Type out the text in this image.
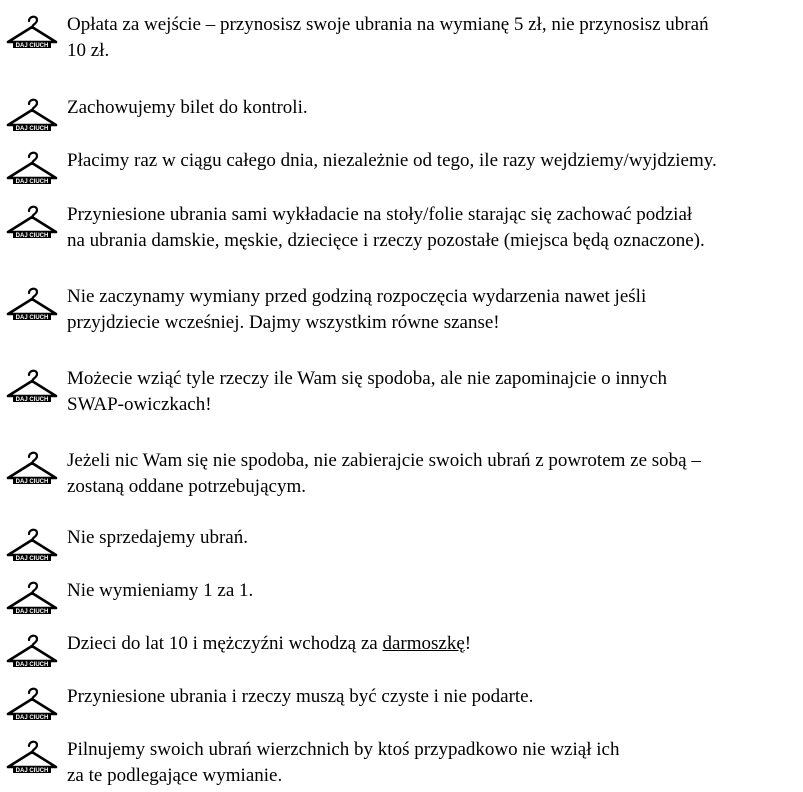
DAJ CIUCH
Opłata za wejście – przynosisz swoje ubrania na wymianę 5 zł, nie przynosisz ubrań
10 zł.
DAJ CIUCH
Zachowujemy bilet do kontroli.
DAJ CIUCH
Płacimy raz w ciągu całego dnia, niezależnie od tego, ile razy wejdziemy/wyjdziemy.
DAJ CIUCH
Przyniesione ubrania sami wykładacie na stoły/folie starając się zachować podział
na ubrania damskie, męskie, dziecięce i rzeczy pozostałe (miejsca będą oznaczone).
DAJ CIUCH
Nie zaczynamy wymiany przed godziną rozpoczęcia wydarzenia nawet jeśli
przyjdziecie wcześniej. Dajmy wszystkim równe szanse!
DAJ CIUCH
Możecie wziąć tyle rzeczy ile Wam się spodoba, ale nie zapominajcie o innych
SWAP-owiczkach!
DAJ CIUCH
Jeżeli nic Wam się nie spodoba, nie zabierajcie swoich ubrań z powrotem ze sobą –
zostaną oddane potrzebującym.
DAJ CIUCH
Nie sprzedajemy ubrań.
DAJ CIUCH
Nie wymieniamy 1 za 1.
DAJ CIUCH
Dzieci do lat 10 i mężczyźni wchodzą za darmoszkę!
DAJ CIUCH
Przyniesione ubrania i rzeczy muszą być czyste i nie podarte.
DAJ CIUCH
Pilnujemy swoich ubrań wierzchnich by ktoś przypadkowo nie wziął ich
za te podlegające wymianie.
